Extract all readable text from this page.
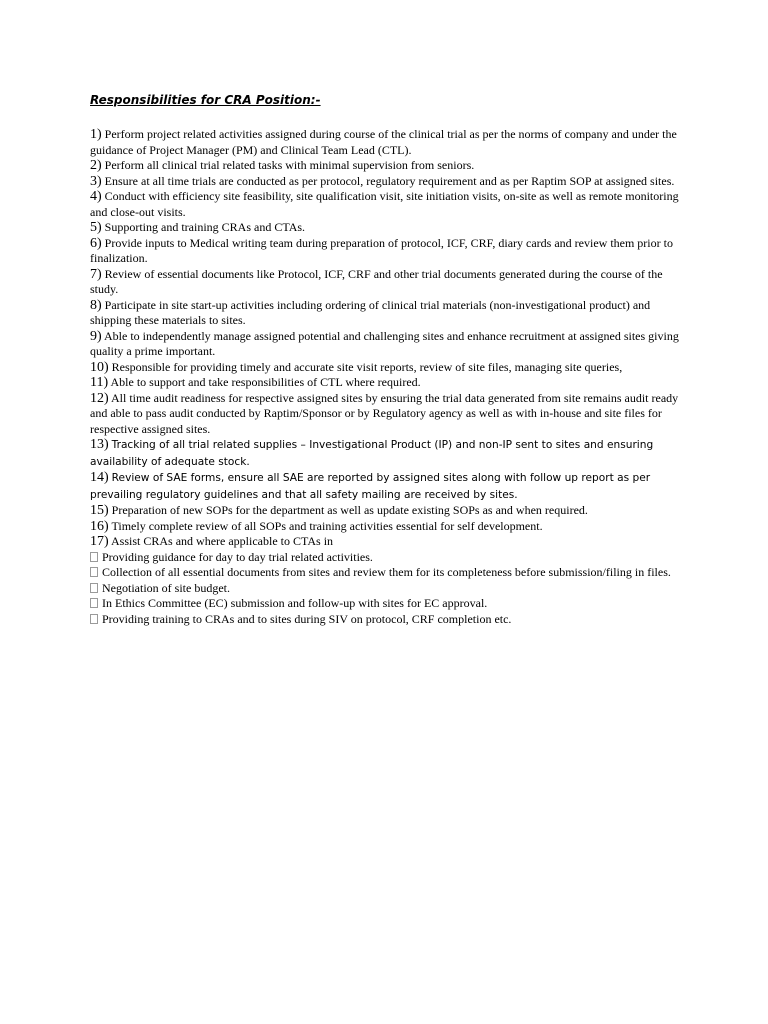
Responsibilities for CRA Position:-

1) Perform project related activities assigned during course of the clinical trial as per the norms of company and under the guidance of Project Manager (PM) and Clinical Team Lead (CTL).

2) Perform all clinical trial related tasks with minimal supervision from seniors.

3) Ensure at all time trials are conducted as per protocol, regulatory requirement and as per Raptim SOP at assigned sites.

4) Conduct with efficiency site feasibility, site qualification visit, site initiation visits, on-site as well as remote monitoring and close-out visits.

5) Supporting and training CRAs and CTAs.

6) Provide inputs to Medical writing team during preparation of protocol, ICF, CRF, diary cards and review them prior to finalization.

7) Review of essential documents like Protocol, ICF, CRF and other trial documents generated during the course of the study.

8) Participate in site start-up activities including ordering of clinical trial materials (non-investigational product) and shipping these materials to sites.

9) Able to independently manage assigned potential and challenging sites and enhance recruitment at assigned sites giving quality a prime important.

10) Responsible for providing timely and accurate site visit reports, review of site files, managing site queries,

11) Able to support and take responsibilities of CTL where required.

12) All time audit readiness for respective assigned sites by ensuring the trial data generated from site remains audit ready and able to pass audit conducted by Raptim/Sponsor or by Regulatory agency as well as with in-house and site files for respective assigned sites.

13) Tracking of all trial related supplies – Investigational Product (IP) and non-IP sent to sites and ensuring availability of adequate stock.

14) Review of SAE forms, ensure all SAE are reported by assigned sites along with follow up report as per prevailing regulatory guidelines and that all safety mailing are received by sites.

15) Preparation of new SOPs for the department as well as update existing SOPs as and when required.

16) Timely complete review of all SOPs and training activities essential for self development.

17) Assist CRAs and where applicable to CTAs in

Providing guidance for day to day trial related activities.

Collection of all essential documents from sites and review them for its completeness before submission/filing in files.

Negotiation of site budget.

In Ethics Committee (EC) submission and follow-up with sites for EC approval.

Providing training to CRAs and to sites during SIV on protocol, CRF completion etc.
